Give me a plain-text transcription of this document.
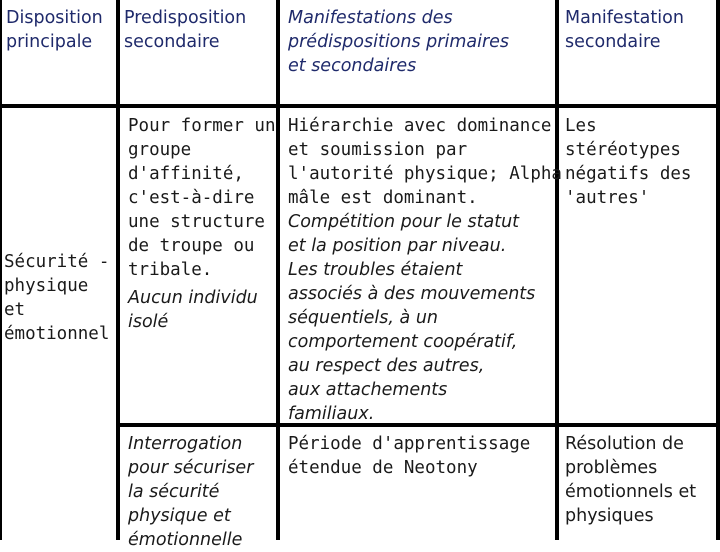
Disposition
principale
Predisposition
secondaire
Manifestations des
prédispositions primaires
et secondaires
Manifestation
secondaire
Sécurité -
physique
et
émotionnel
Pour former un
groupe
d'affinité,
c'est-à-dire
une structure
de troupe ou
tribale.
Aucun individu
isolé
Hiérarchie avec dominance
et soumission par
l'autorité physique; Alpha
mâle est dominant.
Compétition pour le statut
et la position par niveau.
Les troubles étaient
associés à des mouvements
séquentiels, à un
comportement coopératif,
au respect des autres,
aux attachements
familiaux.
Les
stéréotypes
négatifs des
'autres'
Interrogation
pour sécuriser
la sécurité
physique et
émotionnelle
Période d'apprentissage
étendue de Neotony
Résolution de
problèmes
émotionnels et
physiques
